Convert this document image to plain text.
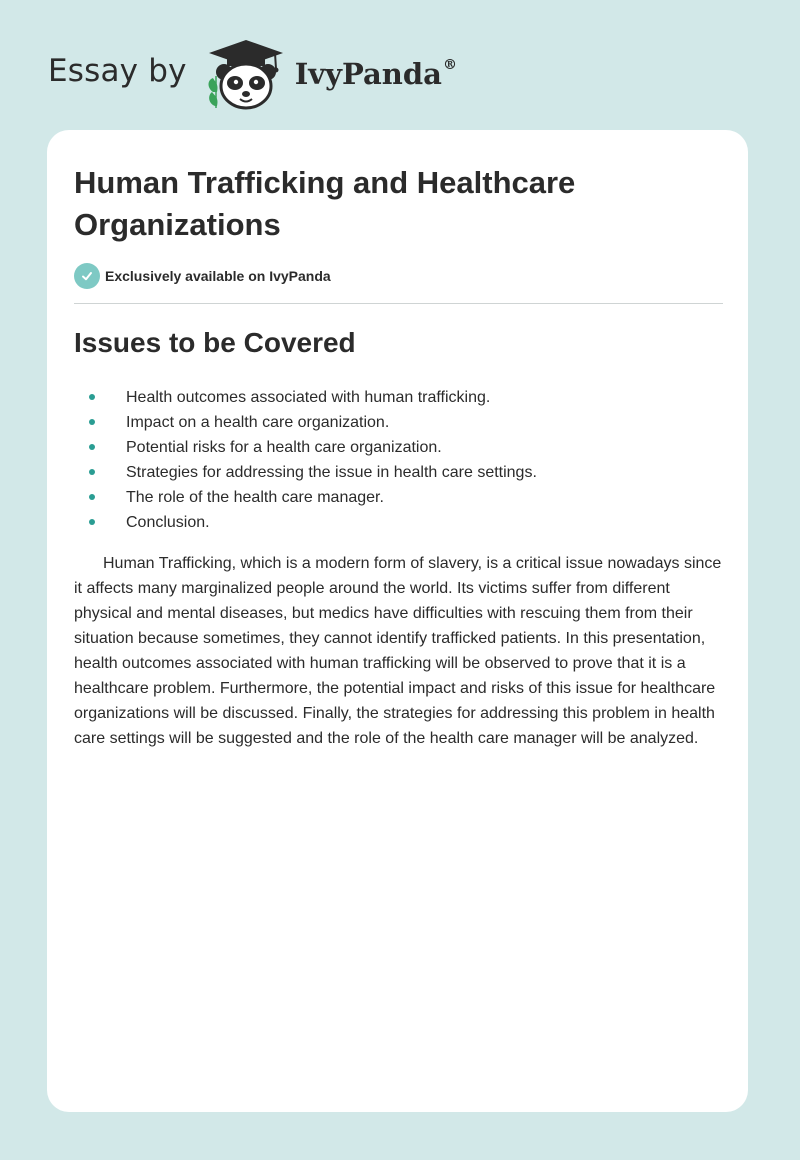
Essay by	IvyPanda®
Human Trafficking and Healthcare Organizations
Exclusively available on IvyPanda
Issues to be Covered
Health outcomes associated with human trafficking.
Impact on a health care organization.
Potential risks for a health care organization.
Strategies for addressing the issue in health care settings.
The role of the health care manager.
Conclusion.

Human Trafficking, which is a modern form of slavery, is a critical issue nowadays since it affects many marginalized people around the world. Its victims suffer from different physical and mental diseases, but medics have difficulties with rescuing them from their situation because sometimes, they cannot identify trafficked patients. In this presentation, health outcomes associated with human trafficking will be observed to prove that it is a healthcare problem. Furthermore, the potential impact and risks of this issue for healthcare organizations will be discussed. Finally, the strategies for addressing this problem in health care settings will be suggested and the role of the health care manager will be analyzed.
